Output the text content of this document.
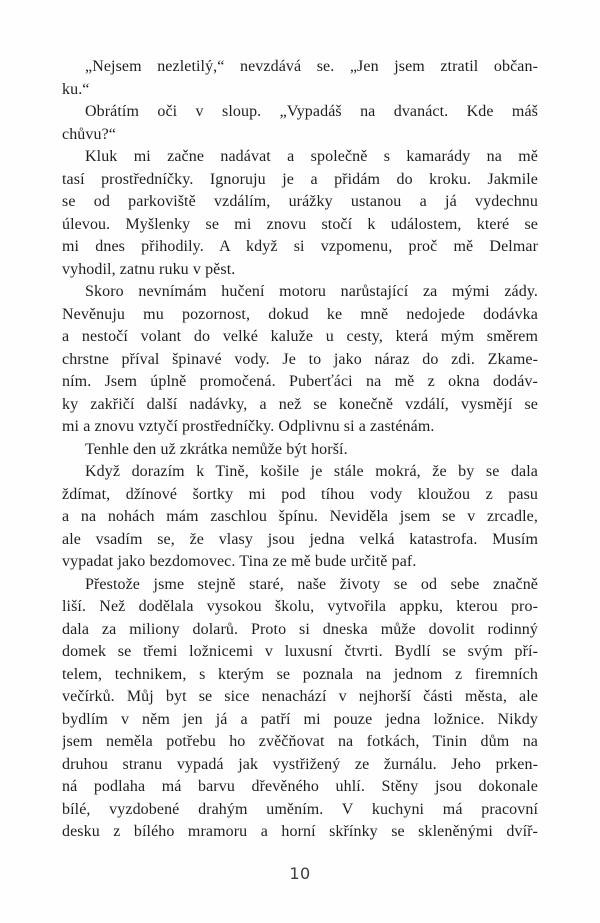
„Nejsem nezletilý,“ nevzdává se. „Jen jsem ztratil občan-
ku.“
Obrátím oči v sloup. „Vypadáš na dvanáct. Kde máš
chůvu?“
Kluk mi začne nadávat a společně s kamarády na mě
tasí prostředníčky. Ignoruju je a přidám do kroku. Jakmile
se od parkoviště vzdálím, urážky ustanou a já vydechnu
úlevou. Myšlenky se mi znovu stočí k událostem, které se
mi dnes přihodily. A když si vzpomenu, proč mě Delmar
vyhodil, zatnu ruku v pěst.
Skoro nevnímám hučení motoru narůstající za mými zády.
Nevěnuju mu pozornost, dokud ke mně nedojede dodávka
a nestočí volant do velké kaluže u cesty, která mým směrem
chrstne příval špinavé vody. Je to jako náraz do zdi. Zkame-
ním. Jsem úplně promočená. Puberťáci na mě z okna dodáv-
ky zakřičí další nadávky, a než se konečně vzdálí, vysmějí se
mi a znovu vztyčí prostředníčky. Odplivnu si a zasténám.
Tenhle den už zkrátka nemůže být horší.
Když dorazím k Tině, košile je stále mokrá, že by se dala
ždímat, džínové šortky mi pod tíhou vody kloužou z pasu
a na nohách mám zaschlou špínu. Neviděla jsem se v zrcadle,
ale vsadím se, že vlasy jsou jedna velká katastrofa. Musím
vypadat jako bezdomovec. Tina ze mě bude určitě paf.
Přestože jsme stejně staré, naše životy se od sebe značně
liší. Než dodělala vysokou školu, vytvořila appku, kterou pro-
dala za miliony dolarů. Proto si dneska může dovolit rodinný
domek se třemi ložnicemi v luxusní čtvrti. Bydlí se svým pří-
telem, technikem, s kterým se poznala na jednom z firemních
večírků. Můj byt se sice nenachází v nejhorší části města, ale
bydlím v něm jen já a patří mi pouze jedna ložnice. Nikdy
jsem neměla potřebu ho zvěčňovat na fotkách, Tinin dům na
druhou stranu vypadá jak vystřižený ze žurnálu. Jeho prken-
ná podlaha má barvu dřevěného uhlí. Stěny jsou dokonale
bílé, vyzdobené drahým uměním. V kuchyni má pracovní
desku z bílého mramoru a horní skřínky se skleněnými dvíř-
10
